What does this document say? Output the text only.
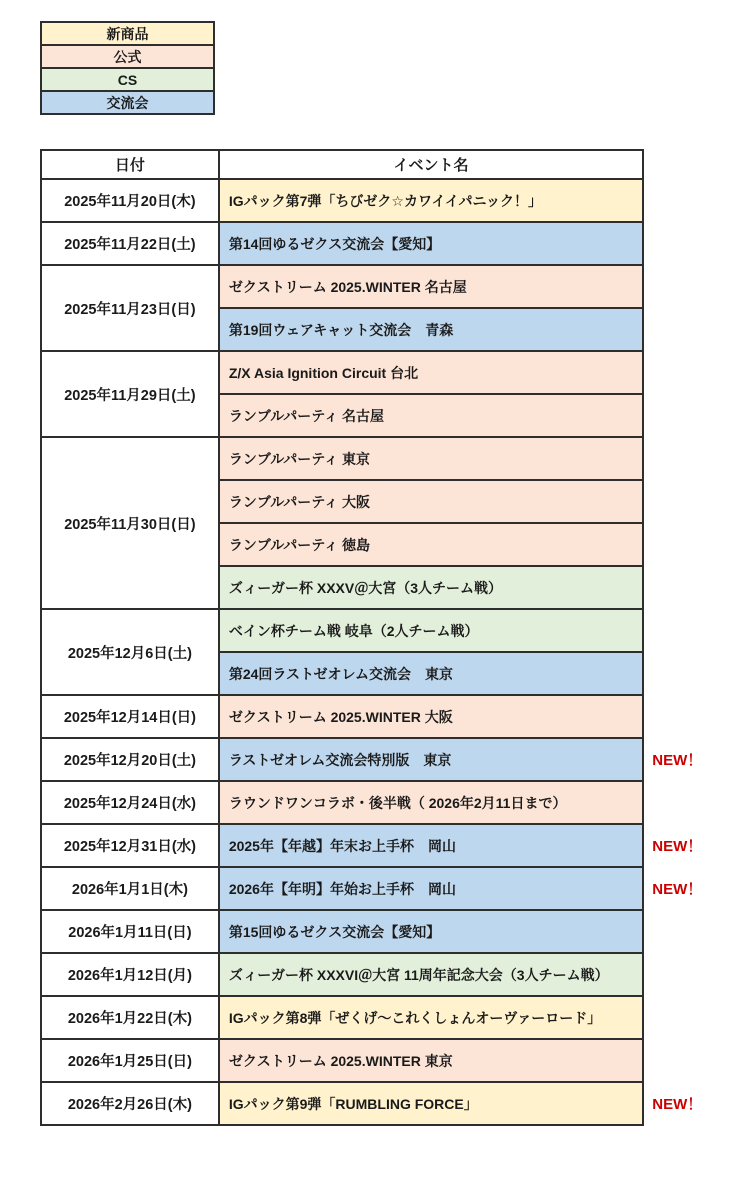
新商品
公式
CS
交流会
日付	イベント名	
2025年11月20日(木)	IGパック第7弾「ちびゼク☆カワイイパニック！」	
2025年11月22日(土)	第14回ゆるゼクス交流会【愛知】	
2025年11月23日(日)	ゼクストリーム 2025.WINTER 名古屋	
	第19回ウェアキャット交流会　青森	
2025年11月29日(土)	Z/X Asia Ignition Circuit 台北	
	ランブルパーティ 名古屋	
2025年11月30日(日)	ランブルパーティ 東京	
	ランブルパーティ 大阪	
	ランブルパーティ 徳島	
	ズィーガー杯 XXXV＠大宮（3人チーム戦）	
2025年12月6日(土)	ベイン杯チーム戦 岐阜（2人チーム戦）	
	第24回ラストゼオレム交流会　東京	
2025年12月14日(日)	ゼクストリーム 2025.WINTER 大阪	
2025年12月20日(土)	ラストゼオレム交流会特別版　東京	NEW！
2025年12月24日(水)	ラウンドワンコラボ・後半戦（ 2026年2月11日まで）	
2025年12月31日(水)	2025年【年越】年末お上手杯　岡山	NEW！
2026年1月1日(木)	2026年【年明】年始お上手杯　岡山	NEW！
2026年1月11日(日)	第15回ゆるゼクス交流会【愛知】	
2026年1月12日(月)	ズィーガー杯 XXXVI＠大宮 11周年記念大会（3人チーム戦）	
2026年1月22日(木)	IGパック第8弾「ぜくげ～これくしょんオーヴァーロード」	
2026年1月25日(日)	ゼクストリーム 2025.WINTER 東京	
2026年2月26日(木)	IGパック第9弾「RUMBLING FORCE」	NEW！
